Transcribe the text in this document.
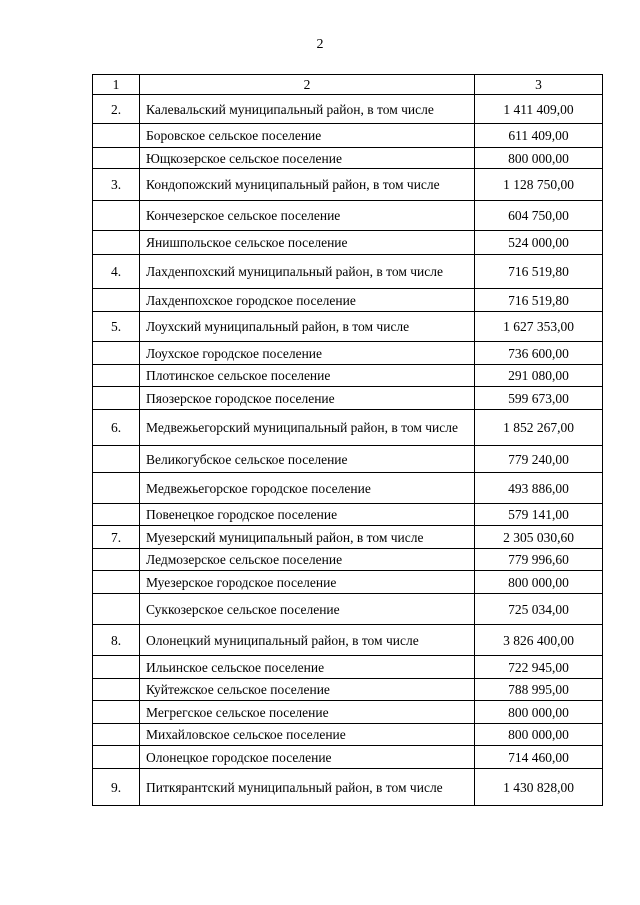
2
1	2	3
2.	Калевальский муниципальный район, в том числе	1 411 409,00
	Боровское сельское поселение	611 409,00
	Ющкозерское сельское поселение	800 000,00
3.	Кондопожский муниципальный район, в том числе	1 128 750,00
	Кончезерское сельское поселение	604 750,00
	Янишпольское сельское поселение	524 000,00
4.	Лахденпохский муниципальный район, в том числе	716 519,80
	Лахденпохское городское поселение	716 519,80
5.	Лоухский муниципальный район, в том числе	1 627 353,00
	Лоухское городское поселение	736 600,00
	Плотинское сельское поселение	291 080,00
	Пяозерское городское поселение	599 673,00
6.	Медвежьегорский муниципальный район, в том числе	1 852 267,00
	Великогубское сельское поселение	779 240,00
	Медвежьегорское городское поселение	493 886,00
	Повенецкое городское поселение	579 141,00
7.	Муезерский муниципальный район, в том числе	2 305 030,60
	Ледмозерское сельское поселение	779 996,60
	Муезерское городское поселение	800 000,00
	Суккозерское сельское поселение	725 034,00
8.	Олонецкий муниципальный район, в том числе	3 826 400,00
	Ильинское сельское поселение	722 945,00
	Куйтежское сельское поселение	788 995,00
	Мегрегское сельское поселение	800 000,00
	Михайловское сельское поселение	800 000,00
	Олонецкое городское поселение	714 460,00
9.	Питкярантский муниципальный район, в том числе	1 430 828,00
